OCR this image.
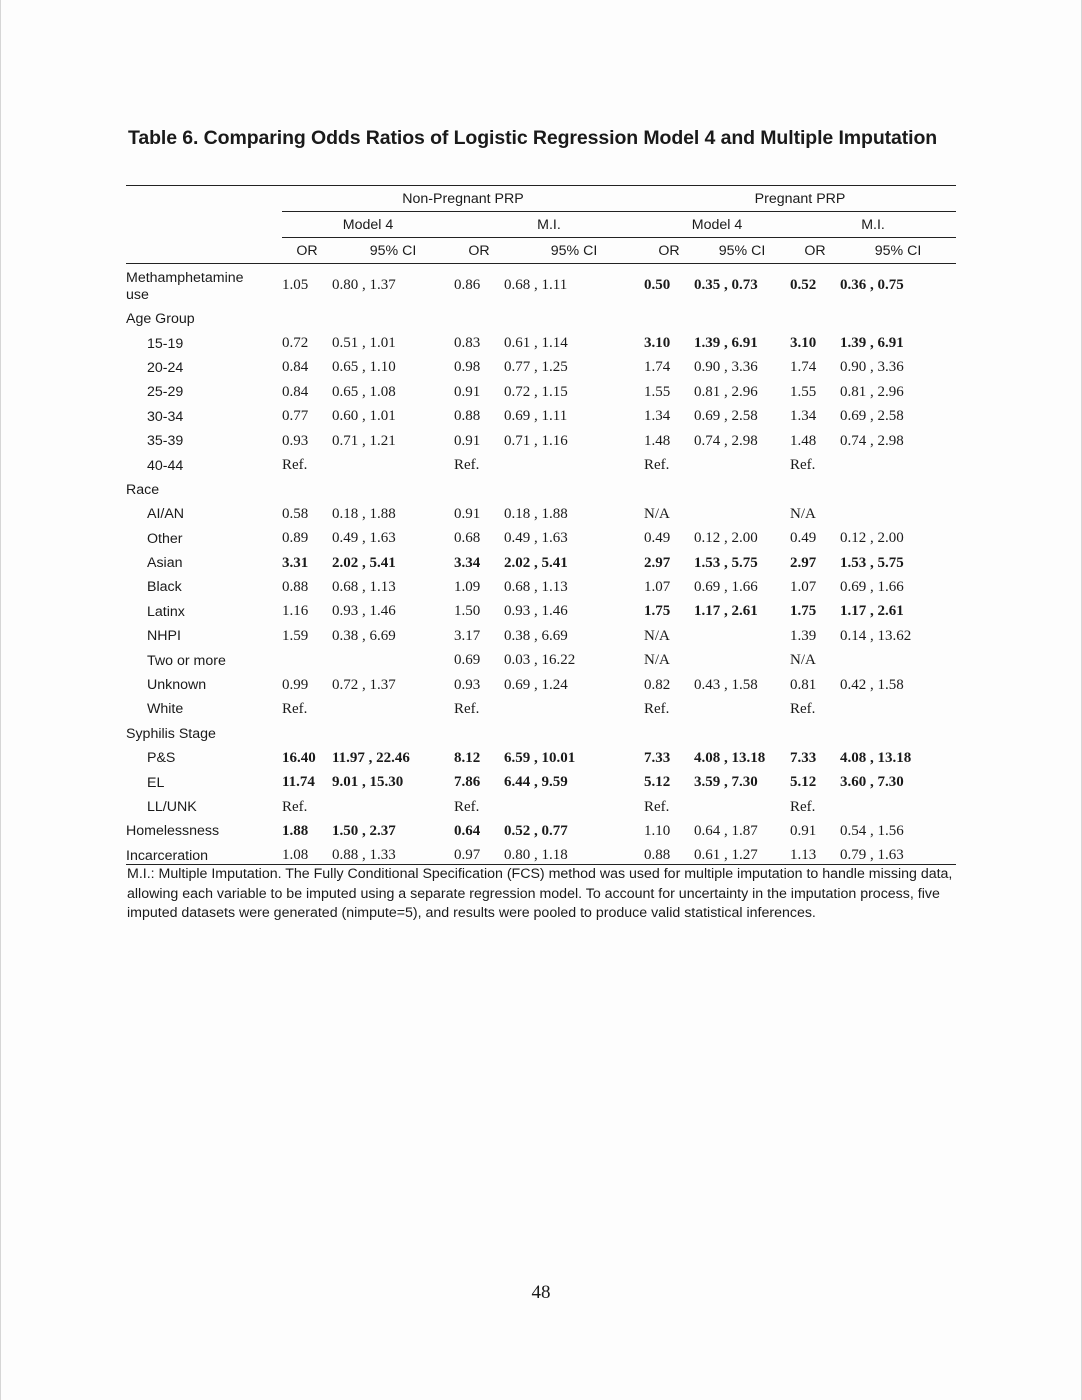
Table 6. Comparing Odds Ratios of Logistic Regression Model 4 and Multiple Imputation
	Non-Pregnant PRP				Pregnant PRP			
	Model 4		M.I.		Model 4		M.I.	
	OR	95% CI	OR	95% CI	OR	95% CI	OR	95% CI
Methamphetamine
use	1.05	0.80 , 1.37	0.86	0.68 , 1.11	0.50	0.35 , 0.73	0.52	0.36 , 0.75
Age Group								
15-19	0.72	0.51 , 1.01	0.83	0.61 , 1.14	3.10	1.39 , 6.91	3.10	1.39 , 6.91
20-24	0.84	0.65 , 1.10	0.98	0.77 , 1.25	1.74	0.90 , 3.36	1.74	0.90 , 3.36
25-29	0.84	0.65 , 1.08	0.91	0.72 , 1.15	1.55	0.81 , 2.96	1.55	0.81 , 2.96
30-34	0.77	0.60 , 1.01	0.88	0.69 , 1.11	1.34	0.69 , 2.58	1.34	0.69 , 2.58
35-39	0.93	0.71 , 1.21	0.91	0.71 , 1.16	1.48	0.74 , 2.98	1.48	0.74 , 2.98
40-44	Ref.		Ref.		Ref.		Ref.	
Race								
AI/AN	0.58	0.18 , 1.88	0.91	0.18 , 1.88	N/A		N/A	
Other	0.89	0.49 , 1.63	0.68	0.49 , 1.63	0.49	0.12 , 2.00	0.49	0.12 , 2.00
Asian	3.31	2.02 , 5.41	3.34	2.02 , 5.41	2.97	1.53 , 5.75	2.97	1.53 , 5.75
Black	0.88	0.68 , 1.13	1.09	0.68 , 1.13	1.07	0.69 , 1.66	1.07	0.69 , 1.66
Latinx	1.16	0.93 , 1.46	1.50	0.93 , 1.46	1.75	1.17 , 2.61	1.75	1.17 , 2.61
NHPI	1.59	0.38 , 6.69	3.17	0.38 , 6.69	N/A		1.39	0.14 , 13.62
Two or more			0.69	0.03 , 16.22	N/A		N/A	
Unknown	0.99	0.72 , 1.37	0.93	0.69 , 1.24	0.82	0.43 , 1.58	0.81	0.42 , 1.58
White	Ref.		Ref.		Ref.		Ref.	
Syphilis Stage								
P&S	16.40	11.97 , 22.46	8.12	6.59 , 10.01	7.33	4.08 , 13.18	7.33	4.08 , 13.18
EL	11.74	9.01 , 15.30	7.86	6.44 , 9.59	5.12	3.59 , 7.30	5.12	3.60 , 7.30
LL/UNK	Ref.		Ref.		Ref.		Ref.	
Homelessness	1.88	1.50 , 2.37	0.64	0.52 , 0.77	1.10	0.64 , 1.87	0.91	0.54 , 1.56
Incarceration	1.08	0.88 , 1.33	0.97	0.80 , 1.18	0.88	0.61 , 1.27	1.13	0.79 , 1.63
M.I.: Multiple Imputation. The Fully Conditional Specification (FCS) method was used for multiple imputation to handle missing data, allowing each variable to be imputed using a separate regression model. To account for uncertainty in the imputation process, five imputed datasets were generated (nimpute=5), and results were pooled to produce valid statistical inferences.
48
